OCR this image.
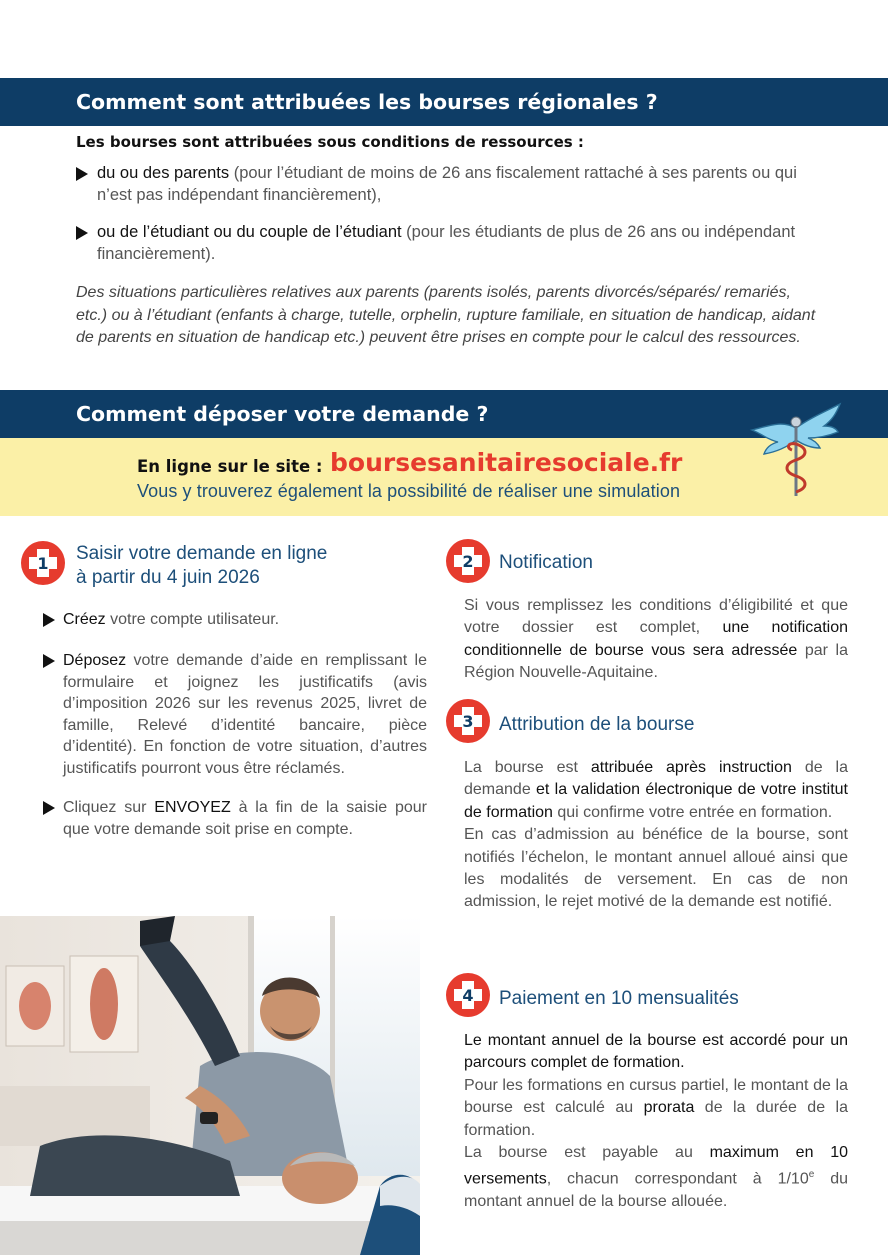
Comment sont attribuées les bourses régionales ?
Les bourses sont attribuées sous conditions de ressources :
du ou des parents (pour l’étudiant de moins de 26 ans fiscalement rattaché à ses parents ou qui n’est pas indépendant financièrement),
ou de l’étudiant ou du couple de l’étudiant (pour les étudiants de plus de 26 ans ou indépendant financièrement).
Des situations particulières relatives aux parents (parents isolés, parents divorcés/séparés/ remariés, etc.) ou à l’étudiant (enfants à charge, tutelle, orphelin, rupture familiale, en situation de handicap, aidant de parents en situation de handicap etc.) peuvent être prises en compte pour le calcul des ressources.
Comment déposer votre demande ?
En ligne sur le site : boursesanitairesociale.fr
Vous y trouverez également la possibilité de réaliser une simulation
1 Saisir votre demande en ligne
à partir du 4 juin 2026
Créez votre compte utilisateur.
Déposez votre demande d’aide en remplissant le formulaire et joignez les justificatifs (avis d’imposition 2026 sur les revenus 2025, livret de famille, Relevé d’identité bancaire, pièce d’identité). En fonction de votre situation, d’autres justificatifs pourront vous être réclamés.
Cliquez sur ENVOYEZ à la fin de la saisie pour que votre demande soit prise en compte.
2 Notification
Si vous remplissez les conditions d’éligibilité et que votre dossier est complet, une notification conditionnelle de bourse vous sera adressée par la Région Nouvelle-Aquitaine.
3 Attribution de la bourse
La bourse est attribuée après instruction de la demande et la validation électronique de votre institut de formation qui confirme votre entrée en formation.
En cas d’admission au bénéfice de la bourse, sont notifiés l’échelon, le montant annuel alloué ainsi que les modalités de versement. En cas de non admission, le rejet motivé de la demande est notifié.
4 Paiement en 10 mensualités
Le montant annuel de la bourse est accordé pour un parcours complet de formation.
Pour les formations en cursus partiel, le montant de la bourse est calculé au prorata de la durée de la formation.
La bourse est payable au maximum en 10 versements, chacun correspondant à 1/10e du montant annuel de la bourse allouée.
